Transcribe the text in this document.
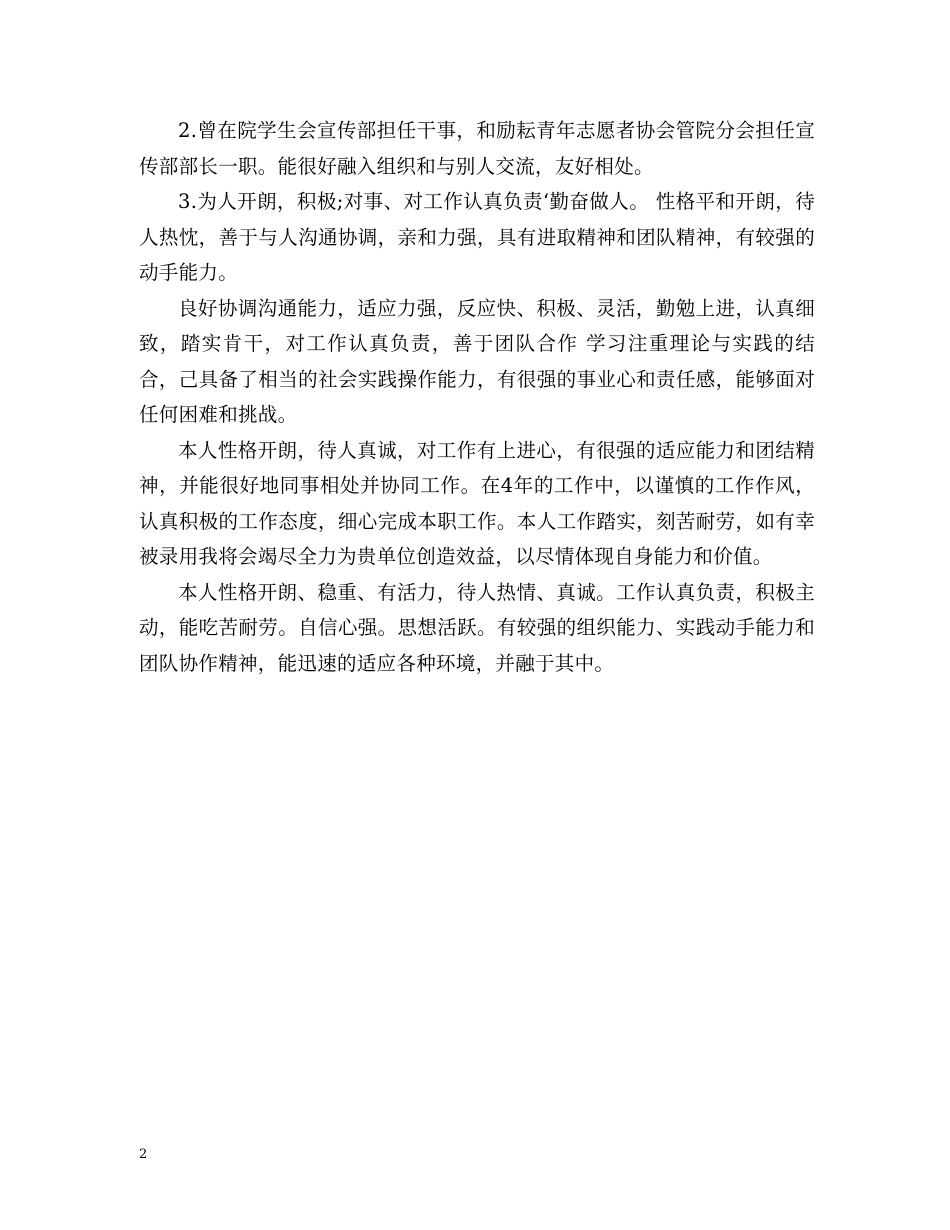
2.曾在院学生会宣传部担任干事，和励耘青年志愿者协会管院分会担任宣传部部长一职。能很好融入组织和与别人交流，友好相处。

3.为人开朗，积极;对事、对工作认真负责‘勤奋做人。 性格平和开朗，待人热忱，善于与人沟通协调，亲和力强，具有进取精神和团队精神，有较强的动手能力。

良好协调沟通能力，适应力强，反应快、积极、灵活，勤勉上进，认真细致，踏实肯干，对工作认真负责，善于团队合作 学习注重理论与实践的结合，己具备了相当的社会实践操作能力，有很强的事业心和责任感，能够面对任何困难和挑战。

本人性格开朗，待人真诚，对工作有上进心，有很强的适应能力和团结精神，并能很好地同事相处并协同工作。在4年的工作中，以谨慎的工作作风，认真积极的工作态度，细心完成本职工作。本人工作踏实，刻苦耐劳，如有幸被录用我将会竭尽全力为贵单位创造效益，以尽情体现自身能力和价值。

本人性格开朗、稳重、有活力，待人热情、真诚。工作认真负责，积极主动，能吃苦耐劳。自信心强。思想活跃。有较强的组织能力、实践动手能力和团队协作精神，能迅速的适应各种环境，并融于其中。

2
